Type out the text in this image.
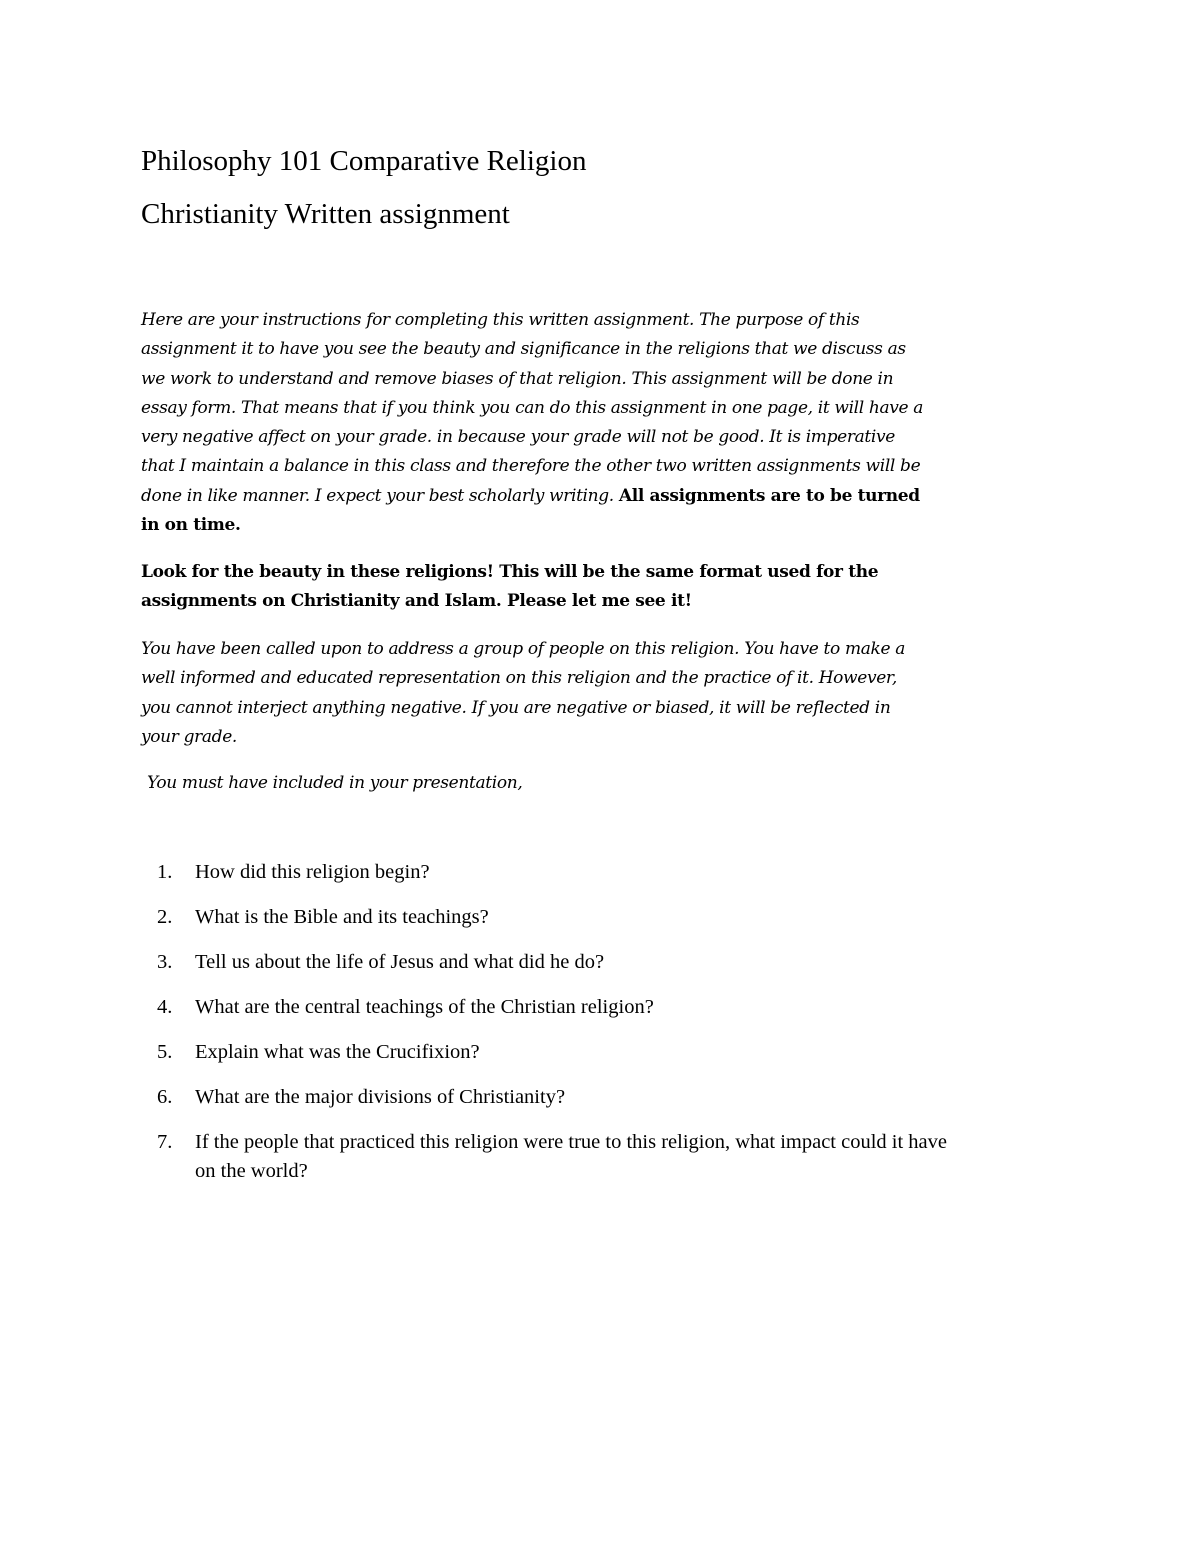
Philosophy 101 Comparative Religion
Christianity Written assignment
Here are your instructions for completing this written assignment. The purpose of this
assignment it to have you see the beauty and significance in the religions that we discuss as
we work to understand and remove biases of that religion. This assignment will be done in
essay form. That means that if you think you can do this assignment in one page, it will have a
very negative affect on your grade. in because your grade will not be good. It is imperative
that I maintain a balance in this class and therefore the other two written assignments will be
done in like manner. I expect your best scholarly writing. All assignments are to be turned
in on time.
Look for the beauty in these religions! This will be the same format used for the
assignments on Christianity and Islam. Please let me see it!
You have been called upon to address a group of people on this religion. You have to make a
well informed and educated representation on this religion and the practice of it. However,
you cannot interject anything negative. If you are negative or biased, it will be reflected in
your grade.
You must have included in your presentation,
1. How did this religion begin?
2. What is the Bible and its teachings?
3. Tell us about the life of Jesus and what did he do?
4. What are the central teachings of the Christian religion?
5. Explain what was the Crucifixion?
6. What are the major divisions of Christianity?
7. If the people that practiced this religion were true to this religion, what impact could it have
on the world?
